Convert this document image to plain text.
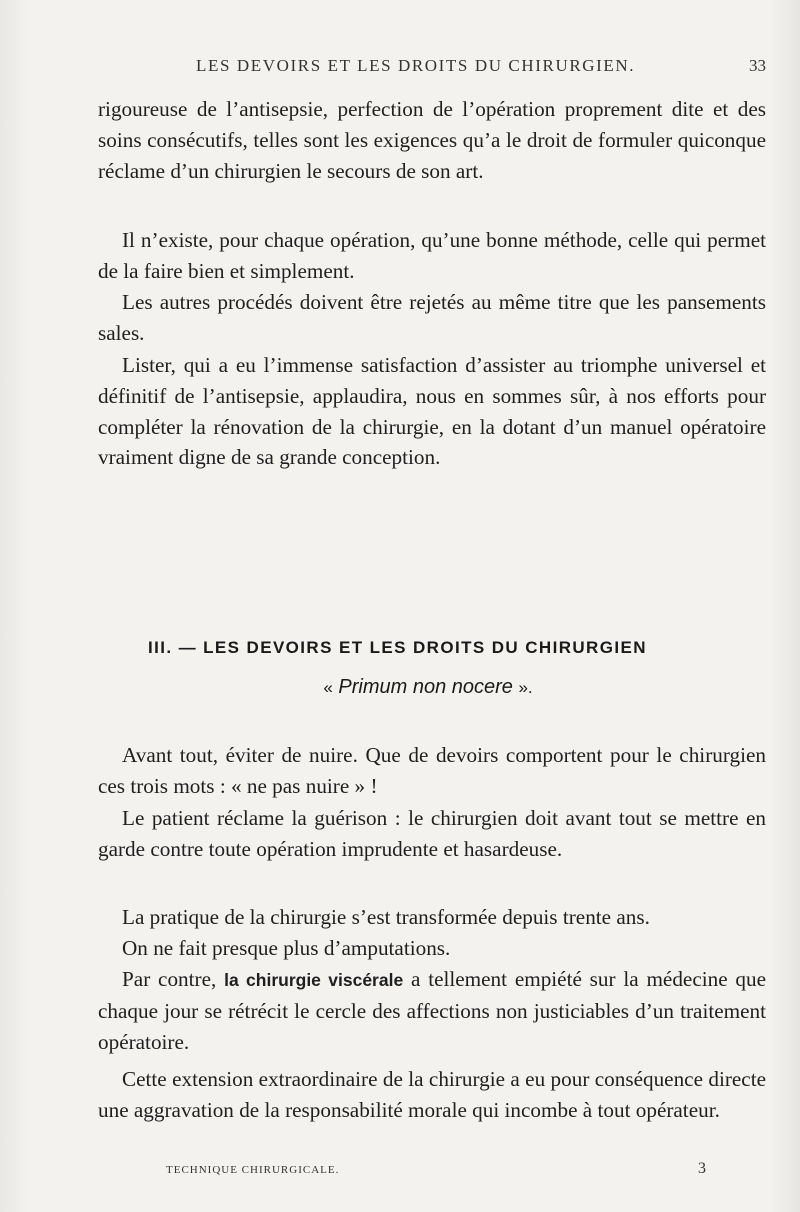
LES DEVOIRS ET LES DROITS DU CHIRURGIEN.	33

rigoureuse de l’antisepsie, perfection de l’opération proprement dite et des soins consécutifs, telles sont les exigences qu’a le droit de formuler quiconque réclame d’un chirurgien le secours de son art.

Il n’existe, pour chaque opération, qu’une bonne méthode, celle qui permet de la faire bien et simplement.

Les autres procédés doivent être rejetés au même titre que les pansements sales.

Lister, qui a eu l’immense satisfaction d’assister au triomphe universel et définitif de l’antisepsie, applaudira, nous en sommes sûr, à nos efforts pour compléter la rénovation de la chirurgie, en la dotant d’un manuel opératoire vraiment digne de sa grande conception.

III. — LES DEVOIRS ET LES DROITS DU CHIRURGIEN
« Primum non nocere ».

Avant tout, éviter de nuire. Que de devoirs comportent pour le chirurgien ces trois mots : « ne pas nuire » !

Le patient réclame la guérison : le chirurgien doit avant tout se mettre en garde contre toute opération imprudente et hasardeuse.

La pratique de la chirurgie s’est transformée depuis trente ans.

On ne fait presque plus d’amputations.

Par contre, la chirurgie viscérale a tellement empiété sur la médecine que chaque jour se rétrécit le cercle des affections non justiciables d’un traitement opératoire.

Cette extension extraordinaire de la chirurgie a eu pour conséquence directe une aggravation de la responsabilité morale qui incombe à tout opérateur.

TECHNIQUE CHIRURGICALE.	3
